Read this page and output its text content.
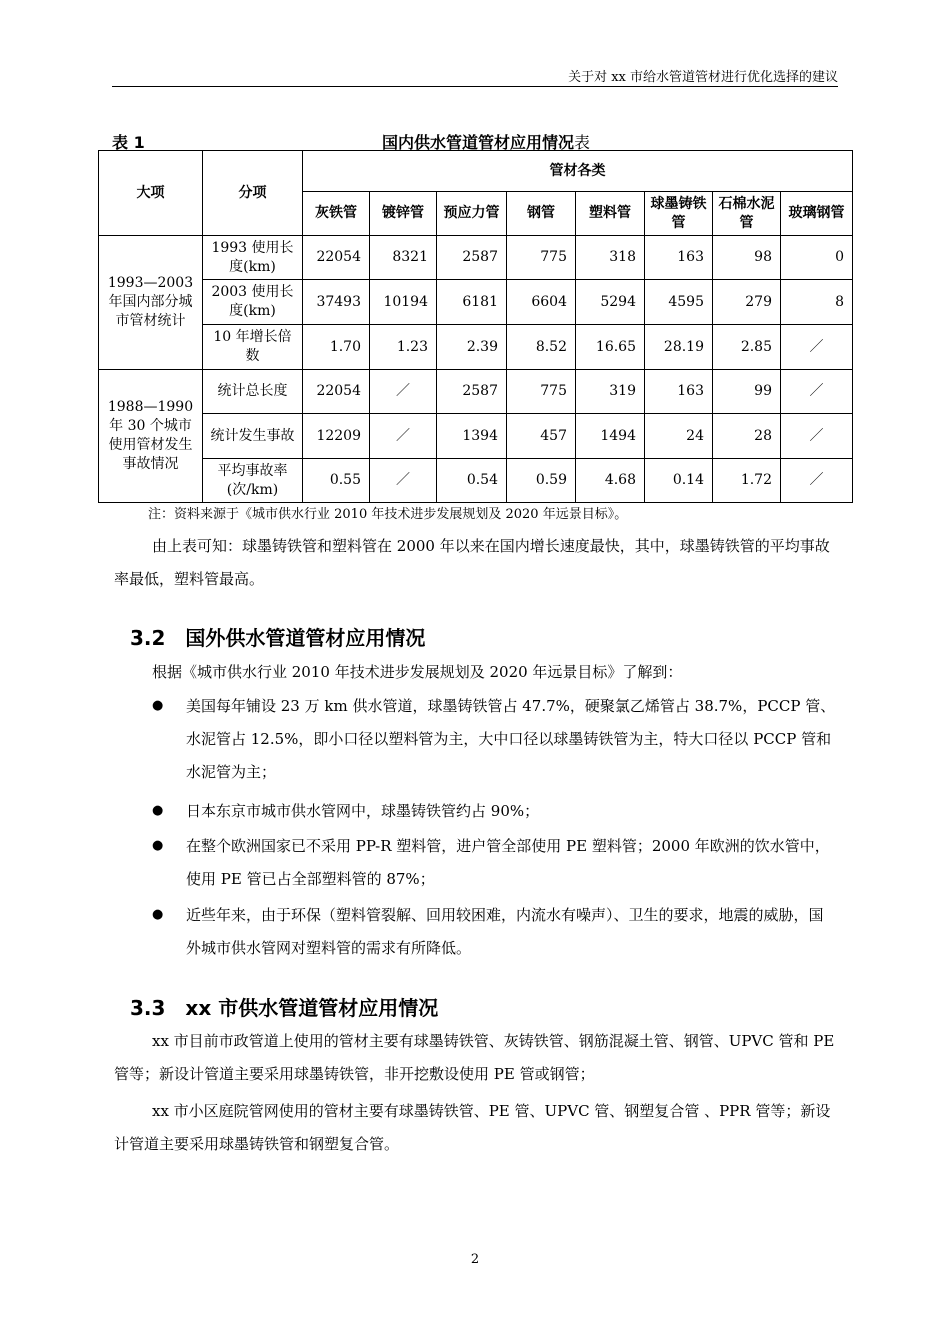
关于对 xx 市给水管道管材进行优化选择的建议
表 1	国内供水管道管材应用情况表
大项	分项	管材各类							
		灰铁管	镀锌管	预应力管	钢管	塑料管	球墨铸铁管	石棉水泥管	玻璃钢管
1993—2003 年国内部分城市管材统计	1993 使用长度(km)	22054	8321	2587	775	318	163	98	0
	2003 使用长度(km)	37493	10194	6181	6604	5294	4595	279	8
	10 年增长倍数	1.70	1.23	2.39	8.52	16.65	28.19	2.85	／
1988—1990 年 30 个城市使用管材发生事故情况	统计总长度	22054	／	2587	775	319	163	99	／
	统计发生事故	12209	／	1394	457	1494	24	28	／
	平均事故率(次/km)	0.55	／	0.54	0.59	4.68	0.14	1.72	／
注：资料来源于《城市供水行业 2010 年技术进步发展规划及 2020 年远景目标》。

由上表可知：球墨铸铁管和塑料管在 2000 年以来在国内增长速度最快，其中，球墨铸铁管的平均事故率最低，塑料管最高。

3.2　国外供水管道管材应用情况

根据《城市供水行业 2010 年技术进步发展规划及 2020 年远景目标》了解到：

● 美国每年铺设 23 万 km 供水管道，球墨铸铁管占 47.7%，硬聚氯乙烯管占 38.7%，PCCP 管、水泥管占 12.5%，即小口径以塑料管为主，大中口径以球墨铸铁管为主，特大口径以 PCCP 管和水泥管为主；

● 日本东京市城市供水管网中，球墨铸铁管约占 90%；

● 在整个欧洲国家已不采用 PP-R 塑料管，进户管全部使用 PE 塑料管；2000 年欧洲的饮水管中，使用 PE 管已占全部塑料管的 87%；

● 近些年来，由于环保（塑料管裂解、回用较困难，内流水有噪声）、卫生的要求，地震的威胁，国外城市供水管网对塑料管的需求有所降低。

3.3　xx 市供水管道管材应用情况

xx 市目前市政管道上使用的管材主要有球墨铸铁管、灰铸铁管、钢筋混凝土管、钢管、UPVC 管和 PE 管等；新设计管道主要采用球墨铸铁管，非开挖敷设使用 PE 管或钢管；

xx 市小区庭院管网使用的管材主要有球墨铸铁管、PE 管、UPVC 管、钢塑复合管 、PPR 管等；新设计管道主要采用球墨铸铁管和钢塑复合管。

2
